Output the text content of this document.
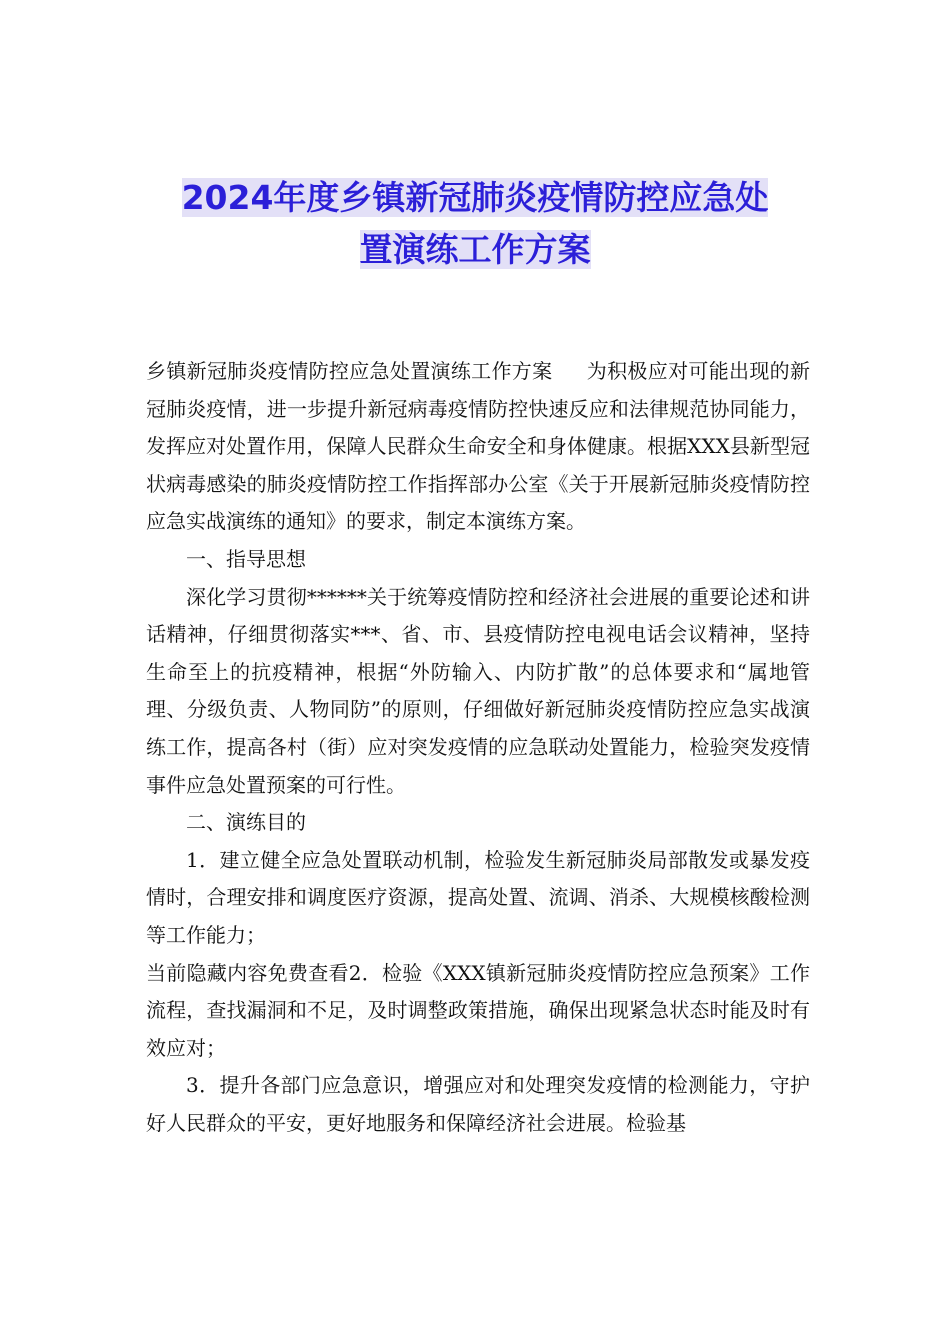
2024年度乡镇新冠肺炎疫情防控应急处
置演练工作方案

乡镇新冠肺炎疫情防控应急处置演练工作方案 为积极应对可能出现的新冠肺炎疫情，进一步提升新冠病毒疫情防控快速反应和法律规范协同能力，发挥应对处置作用，保障人民群众生命安全和身体健康。根据XXX县新型冠状病毒感染的肺炎疫情防控工作指挥部办公室《关于开展新冠肺炎疫情防控应急实战演练的通知》的要求，制定本演练方案。

一、指导思想

深化学习贯彻******关于统筹疫情防控和经济社会进展的重要论述和讲话精神，仔细贯彻落实***、省、市、县疫情防控电视电话会议精神，坚持生命至上的抗疫精神，根据“外防输入、内防扩散”的总体要求和“属地管理、分级负责、人物同防”的原则，仔细做好新冠肺炎疫情防控应急实战演练工作，提高各村（街）应对突发疫情的应急联动处置能力，检验突发疫情事件应急处置预案的可行性。

二、演练目的

1．建立健全应急处置联动机制，检验发生新冠肺炎局部散发或暴发疫情时，合理安排和调度医疗资源，提高处置、流调、消杀、大规模核酸检测等工作能力；

当前隐藏内容免费查看2．检验《XXX镇新冠肺炎疫情防控应急预案》工作流程，查找漏洞和不足，及时调整政策措施，确保出现紧急状态时能及时有效应对；

3．提升各部门应急意识，增强应对和处理突发疫情的检测能力，守护好人民群众的平安，更好地服务和保障经济社会进展。检验基
